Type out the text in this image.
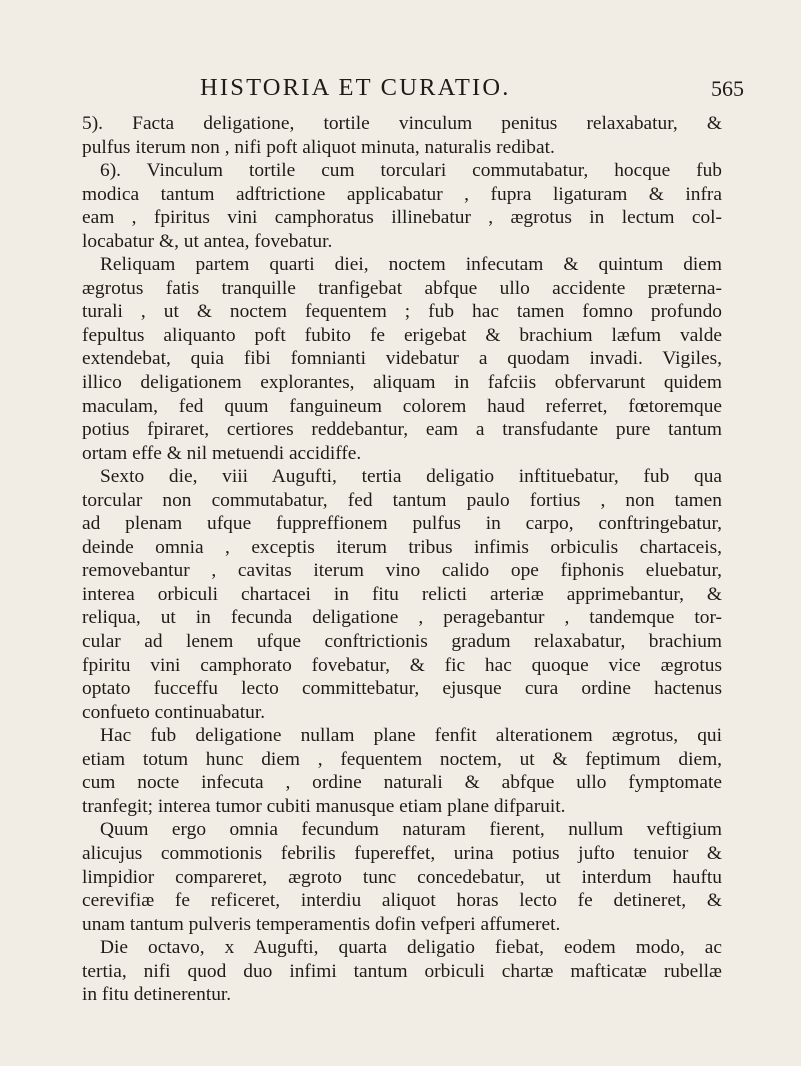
HISTORIA ET CURATIO.	565
5). Facta deligatione, tortile vinculum penitus relaxabatur, &
pulfus iterum non , nifi poft aliquot minuta, naturalis redibat.
6). Vinculum tortile cum torculari commutabatur, hocque fub
modica tantum adftrictione applicabatur , fupra ligaturam & infra
eam , fpiritus vini camphoratus illinebatur , ægrotus in lectum col-
locabatur &, ut antea, fovebatur.
Reliquam partem quarti diei, noctem infecutam & quintum diem
ægrotus fatis tranquille tranfigebat abfque ullo accidente præterna-
turali , ut & noctem fequentem ; fub hac tamen fomno profundo
fepultus aliquanto poft fubito fe erigebat & brachium læfum valde
extendebat, quia fibi fomnianti videbatur a quodam invadi. Vigiles,
illico deligationem explorantes, aliquam in fafciis obfervarunt quidem
maculam, fed quum fanguineum colorem haud referret, fœtoremque
potius fpiraret, certiores reddebantur, eam a transfudante pure tantum
ortam effe & nil metuendi accidiffe.
Sexto die, viii Augufti, tertia deligatio inftituebatur, fub qua
torcular non commutabatur, fed tantum paulo fortius , non tamen
ad plenam ufque fuppreffionem pulfus in carpo, conftringebatur,
deinde omnia , exceptis iterum tribus infimis orbiculis chartaceis,
removebantur , cavitas iterum vino calido ope fiphonis eluebatur,
interea orbiculi chartacei in fitu relicti arteriæ apprimebantur, &
reliqua, ut in fecunda deligatione , peragebantur , tandemque tor-
cular ad lenem ufque conftrictionis gradum relaxabatur, brachium
fpiritu vini camphorato fovebatur, & fic hac quoque vice ægrotus
optato fucceffu lecto committebatur, ejusque cura ordine hactenus
confueto continuabatur.
Hac fub deligatione nullam plane fenfit alterationem ægrotus, qui
etiam totum hunc diem , fequentem noctem, ut & feptimum diem,
cum nocte infecuta , ordine naturali & abfque ullo fymptomate
tranfegit; interea tumor cubiti manusque etiam plane difparuit.
Quum ergo omnia fecundum naturam fierent, nullum veftigium
alicujus commotionis febrilis fupereffet, urina potius jufto tenuior &
limpidior compareret, ægroto tunc concedebatur, ut interdum hauftu
cerevifiæ fe reficeret, interdiu aliquot horas lecto fe detineret, &
unam tantum pulveris temperamentis dofin vefperi affumeret.
Die octavo, x Augufti, quarta deligatio fiebat, eodem modo, ac
tertia, nifi quod duo infimi tantum orbiculi chartæ mafticatæ rubellæ
in fitu detinerentur.
